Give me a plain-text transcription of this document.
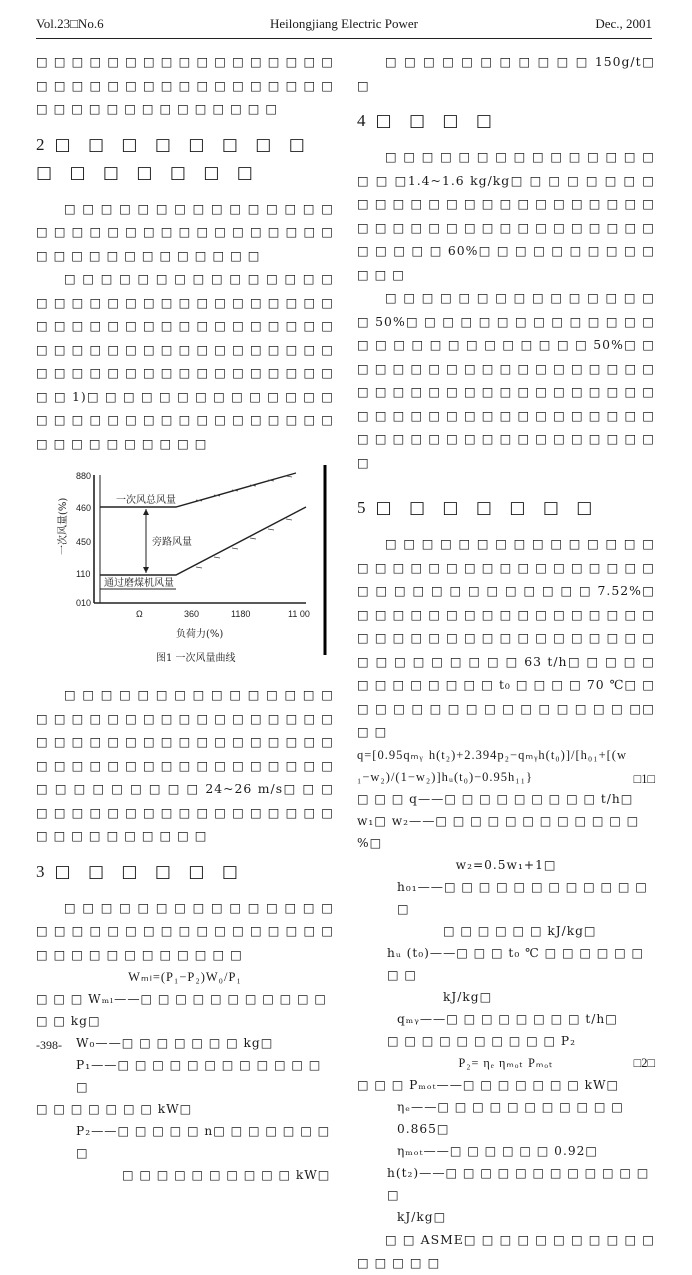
Vol.23□No.6	Heilongjiang Electric Power	Dec., 2001

□ □ □ □ □ □ □ □ □ □ □ □ □ □ □ □ □ □ □ □ □ □ □ □ □ □ □ □ □ □ □ □ □ □ □ □ □ □ □ □ □ □ □ □ □ □ □ □

2 □ □ □ □ □ □ □ □ □ □ □ □ □ □ □

□ □ □ □ □ □ □ □ □ □ □ □ □ □ □ □ □ □ □ □ □ □ □ □ □ □ □ □ □ □ □ □ □ □ □ □ □ □ □ □ □ □ □ □ □

□ □ □ □ □ □ □ □ □ □ □ □ □ □ □ □ □ □ □ □ □ □ □ □ □ □ □ □ □ □ □ □ □ □ □ □ □ □ □ □ □ □ □ □ □ □ □ □ □ □ □ □ □ □ □ □ □ □ □ □ □ □ □ □ □ □ □ □ □ □ □ □ □ □ □ □ □ □ □ □ □ □ □□ □ 1)□ □ □ □ □ □ □ □ □ □ □ □ □ □ □ □ □ □ □ □ □ □ □ □ □ □ □ □ □ □ □ □ □ □ □ □ □ □ □ □ □

880
460
450
110
010
Ω	360	1180	11 00
一次风量(%)
负荷力(%)
一次风总风量
旁路风量
通过磨煤机风量
图1 一次风量曲线

□ □ □ □ □ □ □ □ □ □ □ □ □ □ □ □ □ □ □ □ □ □ □ □ □ □ □ □ □ □ □ □ □ □ □ □ □ □ □ □ □ □ □ □ □ □ □ □ □ □ □ □ □ □ □ □ □ □ □ □ □ □ □ □ □ □ □ □ □ □ □ □ □ □ □ 24~26 m/s□ □ □ □ □ □ □ □ □ □ □ □ □ □ □ □ □ □ □ □ □ □ □ □ □ □ □ □ □ □

3 □ □ □ □ □ □

□ □ □ □ □ □ □ □ □ □ □ □ □ □ □ □ □ □ □ □ □ □ □ □ □ □ □ □ □ □ □ □ □ □ □ □ □ □ □ □ □ □ □ □

Wₘₗ=(P₁−P₂)W₀/P₁

□ □ □ Wₘₗ——□ □ □ □ □ □ □ □ □ □ □ □ □ kg□

W₀——□ □ □ □ □ □ □ kg□

P₁——□ □ □ □ □ □ □ □ □ □ □ □ □

□ □ □ □ □ □ □ kW□

P₂——□ □ □ □ □ n□ □ □ □ □ □ □ □

□ □ □ □ □ □ □ □ □ □ kW□

-398-

□ □ □ □ □ □ □ □ □ □ □ 150g/t□ □

4 □ □ □ □

□ □ □ □ □ □ □ □ □ □ □ □ □ □ □ □ □ □1.4~1.6 kg/kg□ □ □ □ □ □ □ □ □ □ □ □ □ □ □ □ □ □ □ □ □ □ □ □ □ □ □ □ □ □ □ □ □ □ □ □ □ □ □ □ □ □ □ □ □ □ □ 60%□ □ □ □ □ □ □ □ □ □ □ □ □

□ □ □ □ □ □ □ □ □ □ □ □ □ □ □ □ 50%□ □ □ □ □ □ □ □ □ □ □ □ □ □ □ □ □ □ □ □ □ □ □ □ □ □ □ 50%□ □ □ □ □ □ □ □ □ □ □ □ □ □ □ □ □ □ □ □ □ □ □ □ □ □ □ □ □ □ □ □ □ □ □ □ □ □ □ □ □ □ □ □ □ □ □ □ □ □ □ □ □ □ □ □ □ □ □ □ □ □ □ □ □ □ □ □ □ □ □

5 □ □ □ □ □ □ □

□ □ □ □ □ □ □ □ □ □ □ □ □ □ □ □ □ □ □ □ □ □ □ □ □ □ □ □ □ □ □ □ □ □ □ □ □ □ □ □ □ □ □ □ □ 7.52%□ □ □ □ □ □ □ □ □ □ □ □ □ □ □ □ □ □ □ □ □ □ □ □ □ □ □ □ □ □ □ □ □ □ □ □ □ □ □ □ □ □ □ □ 63 t/h□ □ □ □ □ □ □ □ □ □ □ □ □ t₀ □ □ □ □ 70 ℃□ □ □ □ □ □ □ □ □ □ □ □ □ □ □ □ □ □□□ □

q=[0.95qₘᵧ h(t₂)+2.394p₂−qₘᵧh(t₀)]/[h₀₁+[(w₁−w₂)/(1−w₂)]hᵤ(t₀)−0.95h₁₁}	□1□

□ □ □ q——□ □ □ □ □ □ □ □ □ t/h□

w₁□ w₂——□ □ □ □ □ □ □ □ □ □ □ □ %□

w₂=0.5w₁+1□

h₀₁——□ □ □ □ □ □ □ □ □ □ □ □ □

□ □ □ □ □ □ kJ/kg□

hᵤ (t₀)——□ □ □ t₀ ℃ □ □ □ □ □ □ □ □

kJ/kg□

qₘᵧ——□ □ □ □ □ □ □ □ t/h□

□ □ □ □ □ □ □ □ □ □ P₂

P₂= ηₑ ηₘₒₜ Pₘₒₜ	□2□

□ □ □ Pₘₒₜ——□ □ □ □ □ □ □ kW□

ηₑ——□ □ □ □ □ □ □ □ □ □ □ 0.865□

ηₘₒₜ——□ □ □ □ □ □ 0.92□

h(t₂)——□ □ □ □ □ □ □ □ □ □ □ □ □

kJ/kg□

□ □ ASME□ □ □ □ □ □ □ □ □ □ □ □ □ □ □ □
